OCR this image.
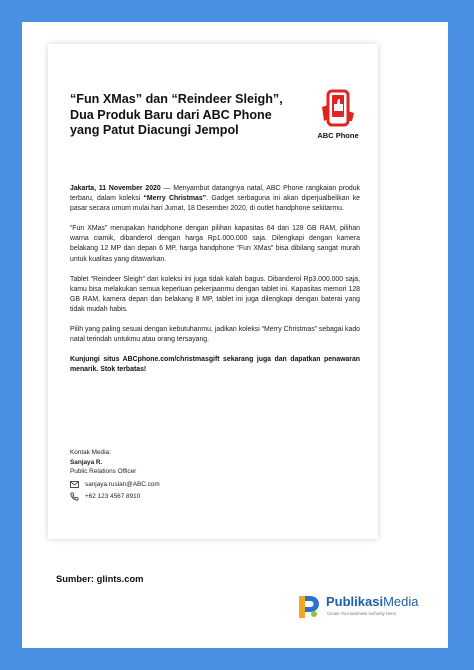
“Fun XMas” dan “Reindeer Sleigh”,
Dua Produk Baru dari ABC Phone
yang Patut Diacungi Jempol	ABC Phone

Jakarta, 11 November 2020 — Menyambut datangnya natal, ABC Phone rangkaian produk terbaru, dalam koleksi “Merry Christmas”. Gadget serbaguna ini akan diperjualbelikan ke pasar secara umum mulai hari Jumat, 18 Desember 2020, di outlet handphone sekitarmu.

“Fun XMas” merupakan handphone dengan pilihan kapasitas 64 dan 128 GB RAM, pilihan warna ciamik, dibanderol dengan harga Rp1.000.000 saja. Dilengkapi dengan kamera belakang 12 MP dan depan 6 MP, harga handphone “Fun XMas” bisa dibilang sangat murah untuk kualitas yang ditawarkan.

Tablet “Reindeer Sleigh” dari koleksi ini juga tidak kalah bagus. Dibanderol Rp3.000.000 saja, kamu bisa melakukan semua keperluan pekerjaanmu dengan tablet ini. Kapasitas memori 128 GB RAM, kamera depan dan belakang 8 MP, tablet ini juga dilengkapi dengan baterai yang tidak mudah habis.

Pilih yang paling sesuai dengan kebutuhanmu, jadikan koleksi “Merry Christmas” sebagai kado natal terindah untukmu atau orang tersayang.

Kunjungi situs ABCphone.com/christmasgift sekarang juga dan dapatkan penawaran menarik. Stok terbatas!

Kontak Media:
Sanjaya R.
Public Relations Officer
sanjaya.ruslan@ABC.com
+62 123 4567 8910
Sumber: glints.com
PublikasiMedia
Create Your Business Authority Here!
